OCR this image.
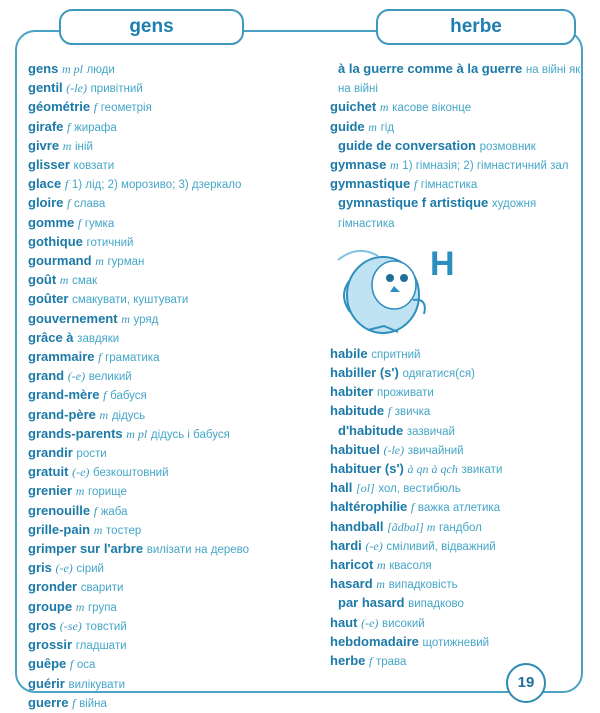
gens	herbe
gens m pl люди
gentil (-le) привітний
géométrie f геометрія
girafe f жирафа
givre m іній
glisser ковзати
glace f 1) лід; 2) морозиво; 3) дзеркало
gloire f слава
gomme f гумка
gothique готичний
gourmand m гурман
goût m смак
goûter смакувати, куштувати
gouvernement m уряд
grâce à завдяки
grammaire f граматика
grand (-e) великий
grand-mère f бабуся
grand-père m дідусь
grands-parents m pl дідусь і бабуся
grandir рости
gratuit (-e) безкоштовний
grenier m горище
grenouille f жаба
grille-pain m тостер
grimper sur l'arbre вилізати на дерево
gris (-e) сірий
gronder сварити
groupe m група
gros (-se) товстий
grossir гладшати
guêpe f оса
guérir вилікувати
guerre f війна
à la guerre comme à la guerre на війні як на війні
guichet m касове віконце
guide m гід
guide de conversation розмовник
gymnase m 1) гімназія; 2) гімнастичний зал
gymnastique f гімнастика
gymnastique f artistique художня гімнастика
habile спритний
habiller (s') одягатися(ся)
habiter проживати
habitude f звичка
d'habitude зазвичай
habituel (-le) звичайний
habituer (s') à qn à qch звикати
hall [ol] хол, вестибюль
haltérophilie f важка атлетика
handball [ãdbal] m гандбол
hardi (-e) сміливий, відважний
haricot m квасоля
hasard m випадковість
par hasard випадково
haut (-e) високий
hebdomadaire щотижневий
herbe f трава
H
19
